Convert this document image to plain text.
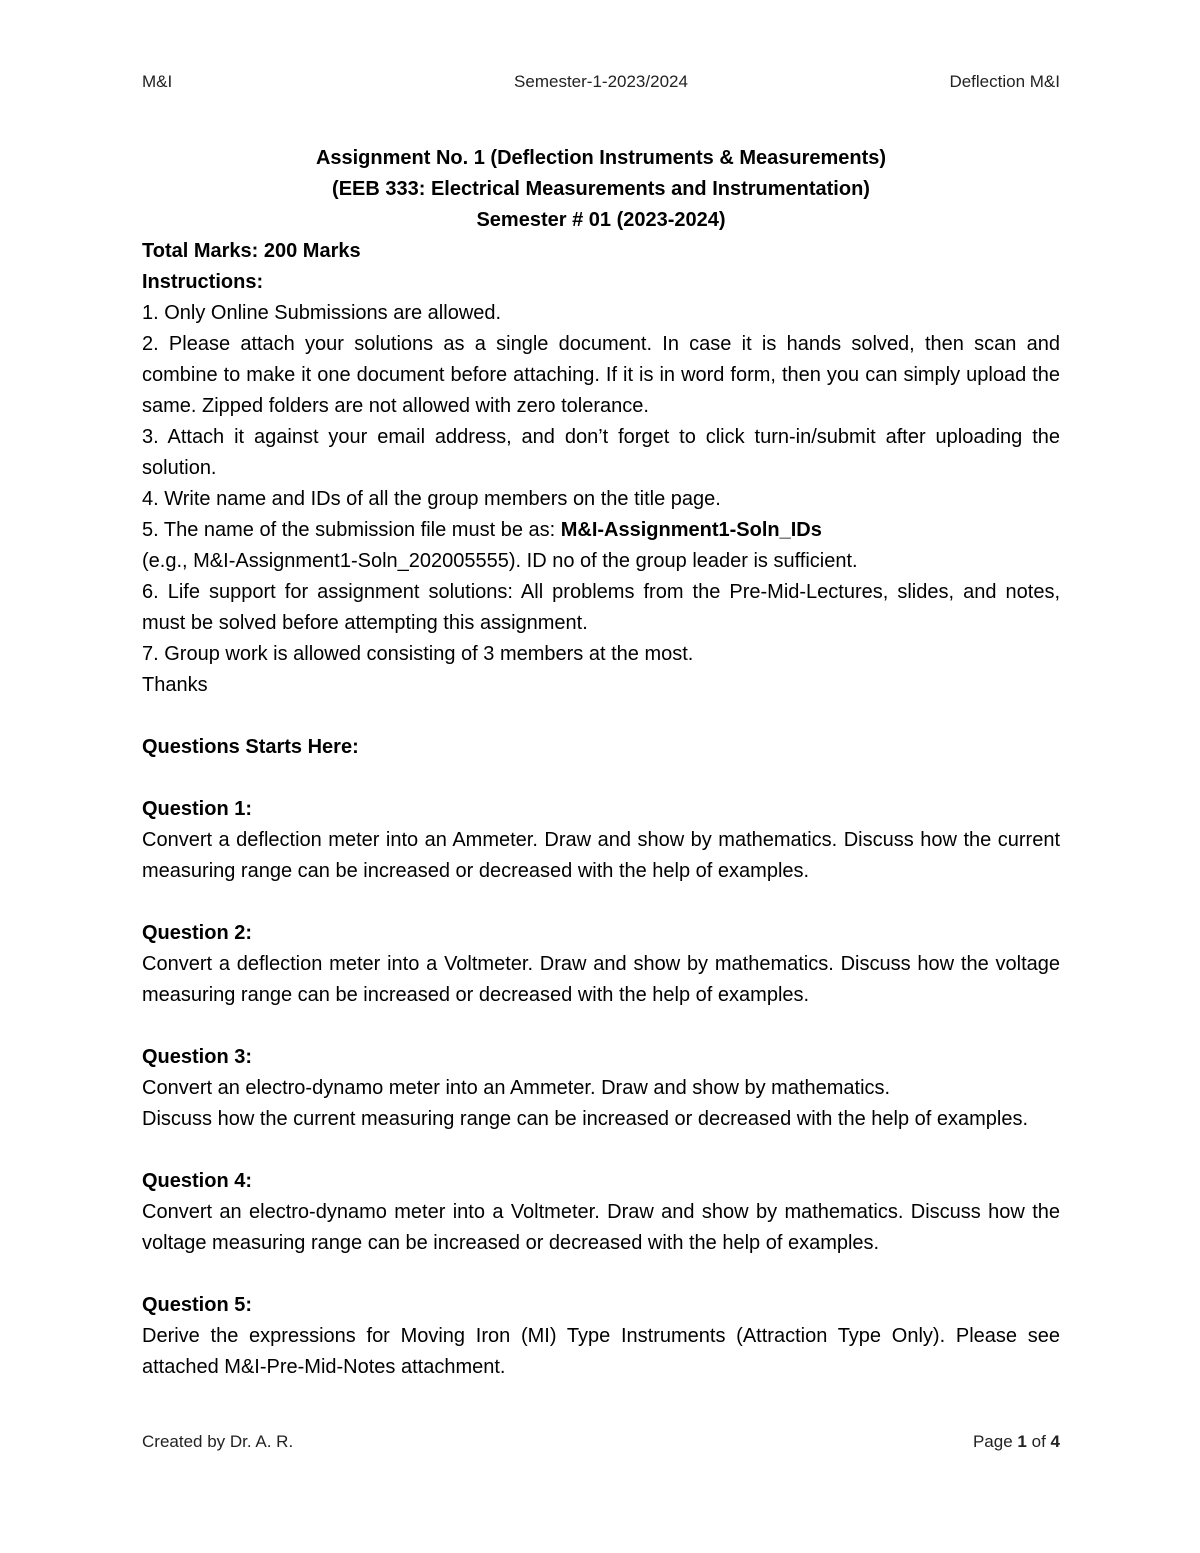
M&I	Semester-1-2023/2024	Deflection M&I

Assignment No. 1 (Deflection Instruments & Measurements)

(EEB 333: Electrical Measurements and Instrumentation)

Semester # 01 (2023-2024)

Total Marks: 200 Marks

Instructions:

1. Only Online Submissions are allowed.

2. Please attach your solutions as a single document. In case it is hands solved, then scan and combine to make it one document before attaching. If it is in word form, then you can simply upload the same. Zipped folders are not allowed with zero tolerance.

3. Attach it against your email address, and don’t forget to click turn-in/submit after uploading the solution.

4. Write name and IDs of all the group members on the title page.

5. The name of the submission file must be as: M&I-Assignment1-Soln_IDs

(e.g., M&I-Assignment1-Soln_202005555). ID no of the group leader is sufficient.

6. Life support for assignment solutions: All problems from the Pre-Mid-Lectures, slides, and notes, must be solved before attempting this assignment.

7. Group work is allowed consisting of 3 members at the most.

Thanks

Questions Starts Here:

Question 1:

Convert a deflection meter into an Ammeter. Draw and show by mathematics. Discuss how the current measuring range can be increased or decreased with the help of examples.

Question 2:

Convert a deflection meter into a Voltmeter. Draw and show by mathematics. Discuss how the voltage measuring range can be increased or decreased with the help of examples.

Question 3:

Convert an electro-dynamo meter into an Ammeter. Draw and show by mathematics.

Discuss how the current measuring range can be increased or decreased with the help of examples.

Question 4:

Convert an electro-dynamo meter into a Voltmeter. Draw and show by mathematics. Discuss how the voltage measuring range can be increased or decreased with the help of examples.

Question 5:

Derive the expressions for Moving Iron (MI) Type Instruments (Attraction Type Only). Please see attached M&I-Pre-Mid-Notes attachment.

Created by Dr. A. R.	Page 1 of 4
